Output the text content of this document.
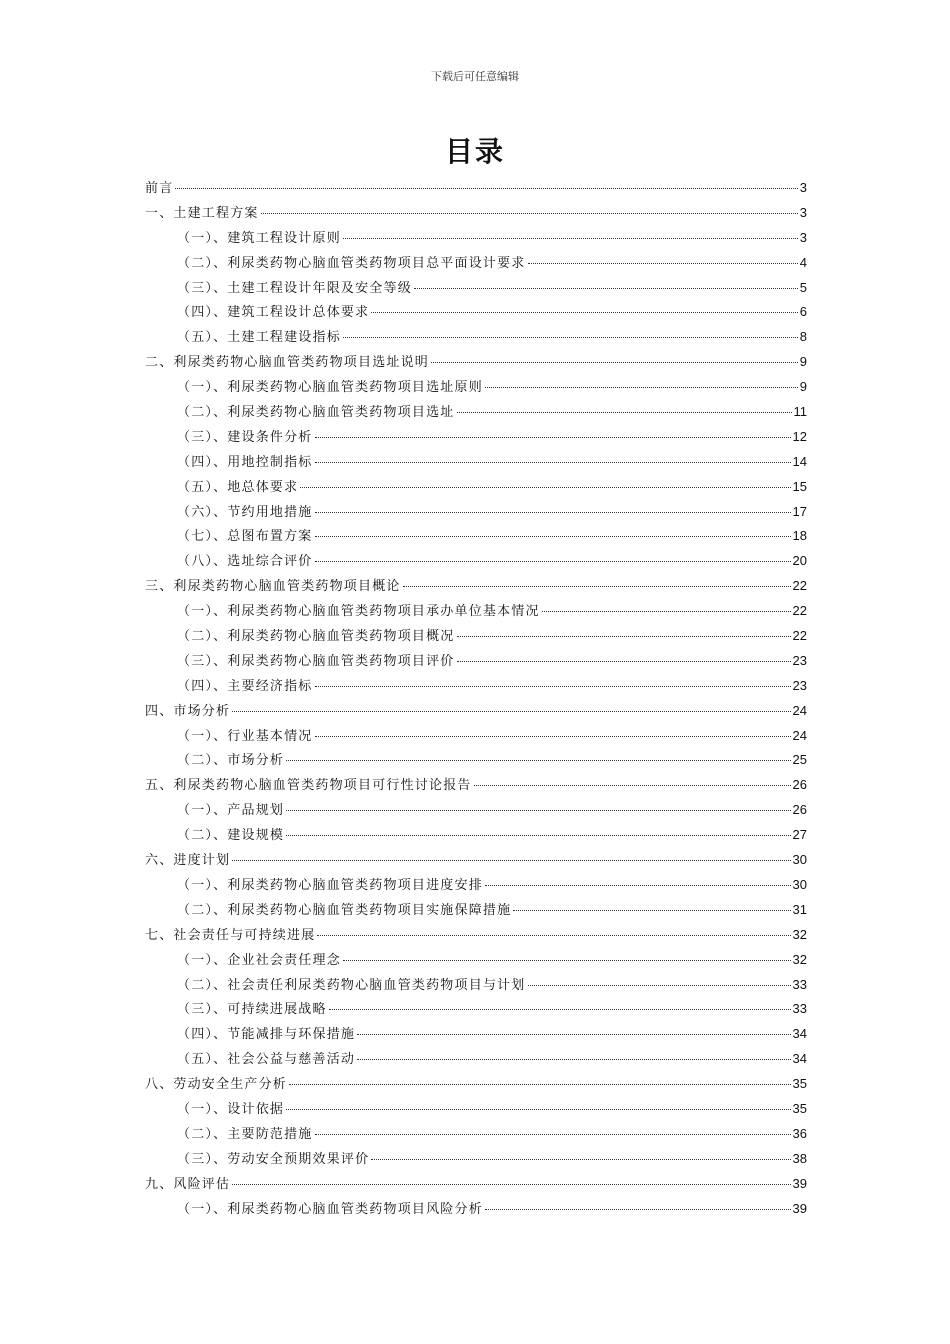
下载后可任意编辑
目录
前言	3
一、土建工程方案	3
（一）、建筑工程设计原则	3
（二）、利尿类药物心脑血管类药物项目总平面设计要求	4
（三）、土建工程设计年限及安全等级	5
（四）、建筑工程设计总体要求	6
（五）、土建工程建设指标	8
二、利尿类药物心脑血管类药物项目选址说明	9
（一）、利尿类药物心脑血管类药物项目选址原则	9
（二）、利尿类药物心脑血管类药物项目选址	11
（三）、建设条件分析	12
（四）、用地控制指标	14
（五）、地总体要求	15
（六）、节约用地措施	17
（七）、总图布置方案	18
（八）、选址综合评价	20
三、利尿类药物心脑血管类药物项目概论	22
（一）、利尿类药物心脑血管类药物项目承办单位基本情况	22
（二）、利尿类药物心脑血管类药物项目概况	22
（三）、利尿类药物心脑血管类药物项目评价	23
（四）、主要经济指标	23
四、市场分析	24
（一）、行业基本情况	24
（二）、市场分析	25
五、利尿类药物心脑血管类药物项目可行性讨论报告	26
（一）、产品规划	26
（二）、建设规模	27
六、进度计划	30
（一）、利尿类药物心脑血管类药物项目进度安排	30
（二）、利尿类药物心脑血管类药物项目实施保障措施	31
七、社会责任与可持续进展	32
（一）、企业社会责任理念	32
（二）、社会责任利尿类药物心脑血管类药物项目与计划	33
（三）、可持续进展战略	33
（四）、节能减排与环保措施	34
（五）、社会公益与慈善活动	34
八、劳动安全生产分析	35
（一）、设计依据	35
（二）、主要防范措施	36
（三）、劳动安全预期效果评价	38
九、风险评估	39
（一）、利尿类药物心脑血管类药物项目风险分析	39
